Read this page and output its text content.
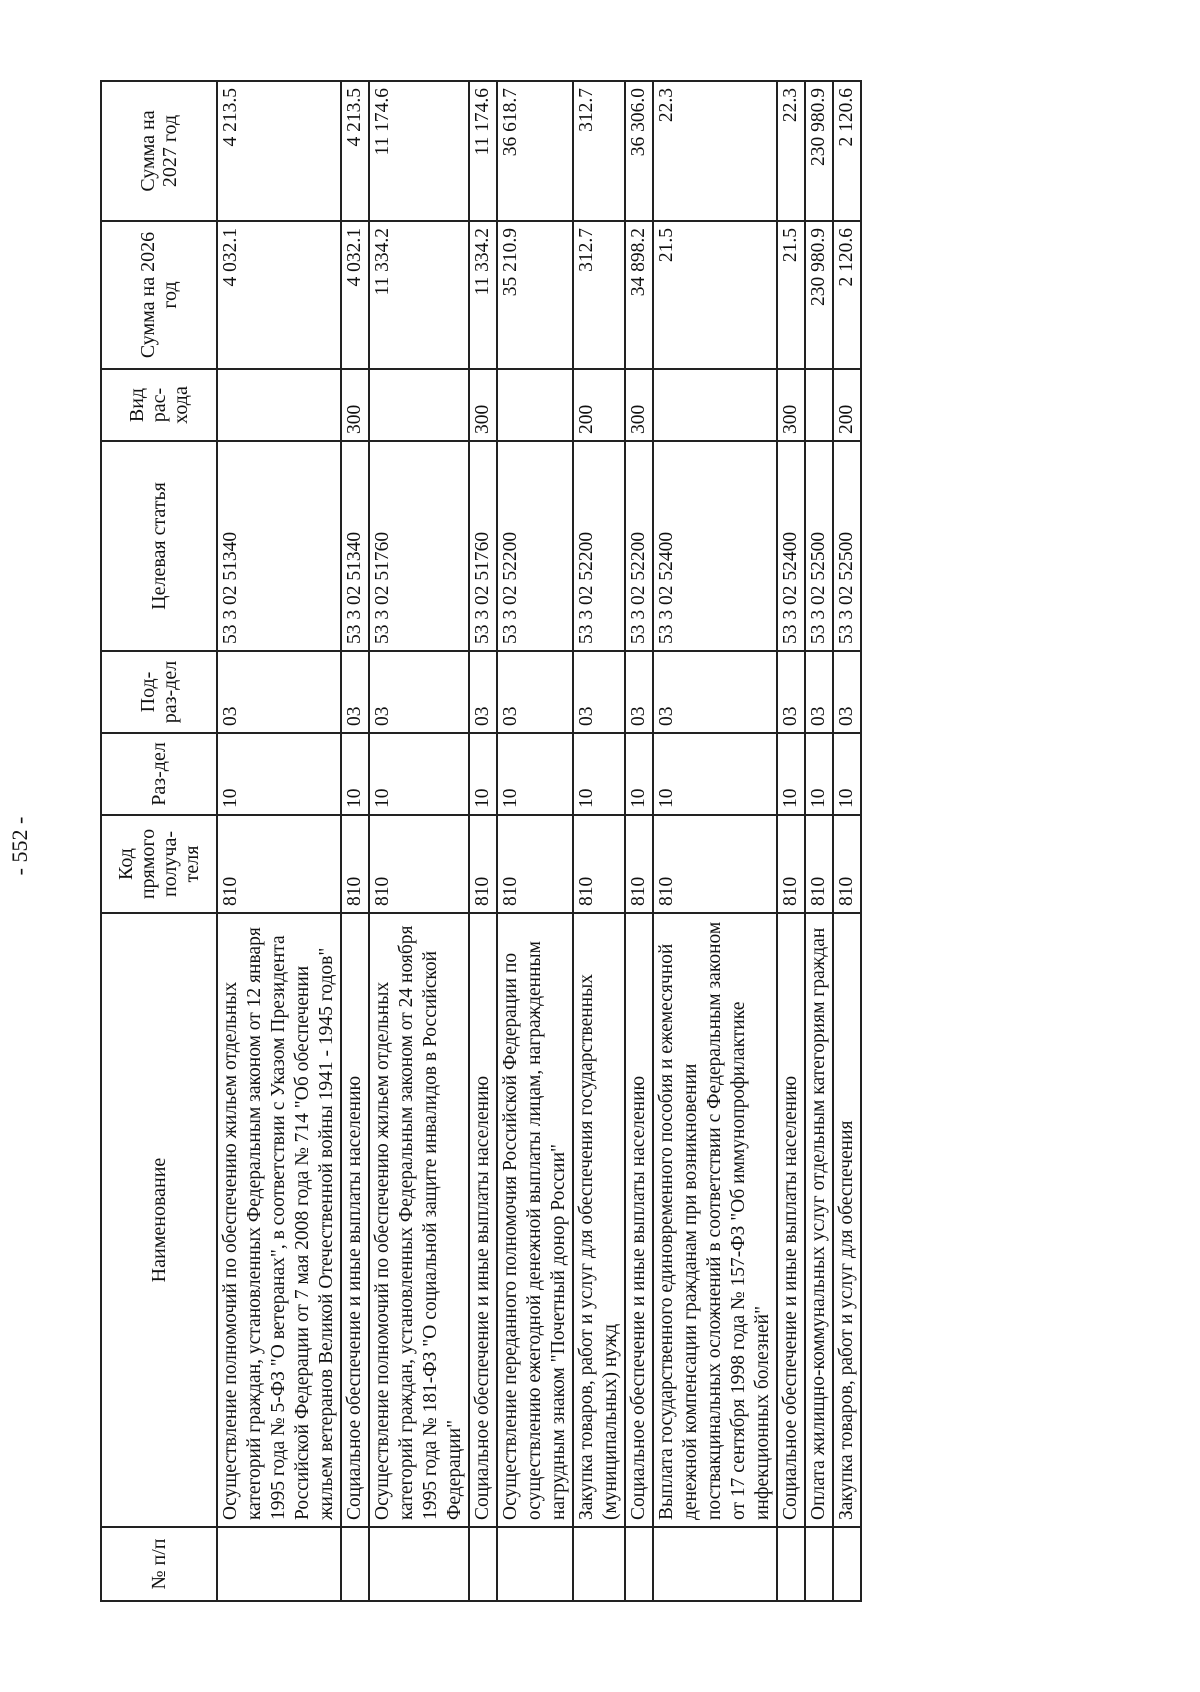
- 552 -
№ п/п	Наименование	Код прямого получа-теля	Раз-дел	Под-раз-дел	Целевая статья	Вид рас-хода	Сумма на 2026 год	Сумма на 2027 год
	Осуществление полномочий по обеспечению жильем отдельных категорий граждан, установленных Федеральным законом от 12 января 1995 года № 5-ФЗ "О ветеранах", в соответствии с Указом Президента Российской Федерации от 7 мая 2008 года № 714 "Об обеспечении жильем ветеранов Великой Отечественной войны 1941 - 1945 годов"	810	10	03	53 3 02 51340		4 032.1	4 213.5
	Социальное обеспечение и иные выплаты населению	810	10	03	53 3 02 51340	300	4 032.1	4 213.5
	Осуществление полномочий по обеспечению жильем отдельных категорий граждан, установленных Федеральным законом от 24 ноября 1995 года № 181-ФЗ "О социальной защите инвалидов в Российской Федерации"	810	10	03	53 3 02 51760		11 334.2	11 174.6
	Социальное обеспечение и иные выплаты населению	810	10	03	53 3 02 51760	300	11 334.2	11 174.6
	Осуществление переданного полномочия Российской Федерации по осуществлению ежегодной денежной выплаты лицам, награжденным нагрудным знаком "Почетный донор России"	810	10	03	53 3 02 52200		35 210.9	36 618.7
	Закупка товаров, работ и услуг для обеспечения государственных (муниципальных) нужд	810	10	03	53 3 02 52200	200	312.7	312.7
	Социальное обеспечение и иные выплаты населению	810	10	03	53 3 02 52200	300	34 898.2	36 306.0
	Выплата государственного единовременного пособия и ежемесячной денежной компенсации гражданам при возникновении поствакцинальных осложнений в соответствии с Федеральным законом от 17 сентября 1998 года № 157-ФЗ "Об иммунопрофилактике инфекционных болезней"	810	10	03	53 3 02 52400		21.5	22.3
	Социальное обеспечение и иные выплаты населению	810	10	03	53 3 02 52400	300	21.5	22.3
	Оплата жилищно-коммунальных услуг отдельным категориям граждан	810	10	03	53 3 02 52500		230 980.9	230 980.9
	Закупка товаров, работ и услуг для обеспечения	810	10	03	53 3 02 52500	200	2 120.6	2 120.6
